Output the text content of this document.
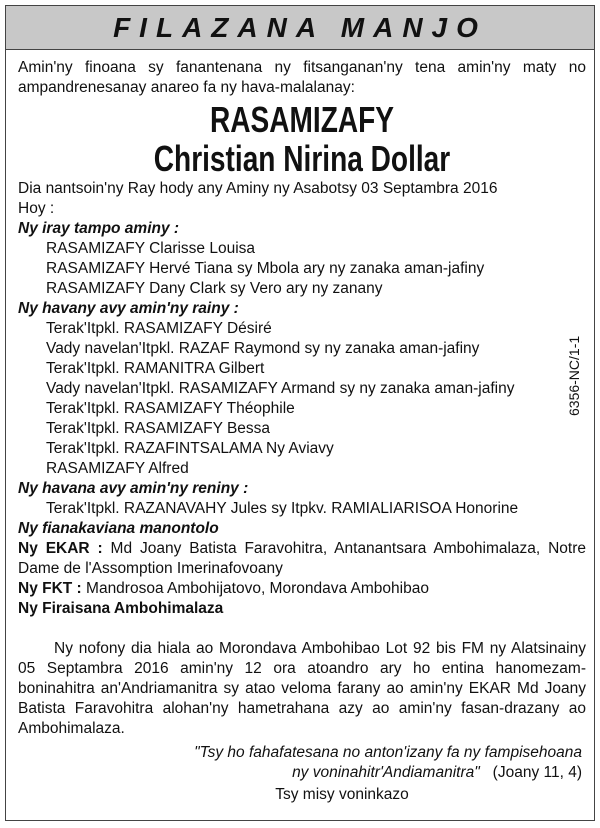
FILAZANA MANJO
Amin'ny finoana sy fanantenana ny fitsanganan'ny tena amin'ny maty no ampandrenesanay anareo fa ny hava-malalanay:
RASAMIZAFY
Christian Nirina Dollar
Dia nantsoin'ny Ray hody any Aminy ny Asabotsy 03 Septambra 2016
Hoy :
Ny iray tampo aminy :
RASAMIZAFY Clarisse Louisa
RASAMIZAFY Hervé Tiana sy Mbola ary ny zanaka aman-jafiny
RASAMIZAFY Dany Clark sy Vero ary ny zanany
Ny havany avy amin'ny rainy :
Terak'Itpkl. RASAMIZAFY Désiré
Vady navelan'Itpkl. RAZAF Raymond sy ny zanaka aman-jafiny
Terak'Itpkl. RAMANITRA Gilbert
Vady navelan'Itpkl. RASAMIZAFY Armand sy ny zanaka aman-jafiny
Terak'Itpkl. RASAMIZAFY Théophile
Terak'Itpkl. RASAMIZAFY Bessa
Terak'Itpkl. RAZAFINTSALAMA Ny Aviavy
RASAMIZAFY Alfred
Ny havana avy amin'ny reniny :
Terak'Itpkl. RAZANAVAHY Jules sy Itpkv. RAMIALIARISOA Honorine
Ny fianakaviana manontolo
Ny EKAR : Md Joany Batista Faravohitra, Antanantsara Ambohimalaza, Notre Dame de l'Assomption Imerinafovoany
Ny FKT : Mandrosoa Ambohijatovo, Morondava Ambohibao
Ny Firaisana Ambohimalaza
Ny nofony dia hiala ao Morondava Ambohibao Lot 92 bis FM ny Alatsinainy 05 Septambra 2016 amin'ny 12 ora atoandro ary ho entina hanomezam-boninahitra an'Andriamanitra sy atao veloma farany ao amin'ny EKAR Md Joany Batista Faravohitra alohan'ny hametrahana azy ao amin'ny fasan-drazany ao Ambohimalaza.
"Tsy ho fahafatesana no anton'izany fa ny fampisehoana
ny voninahitr'Andiamanitra" (Joany 11, 4)
Tsy misy voninkazo
6356-NC/1-1
